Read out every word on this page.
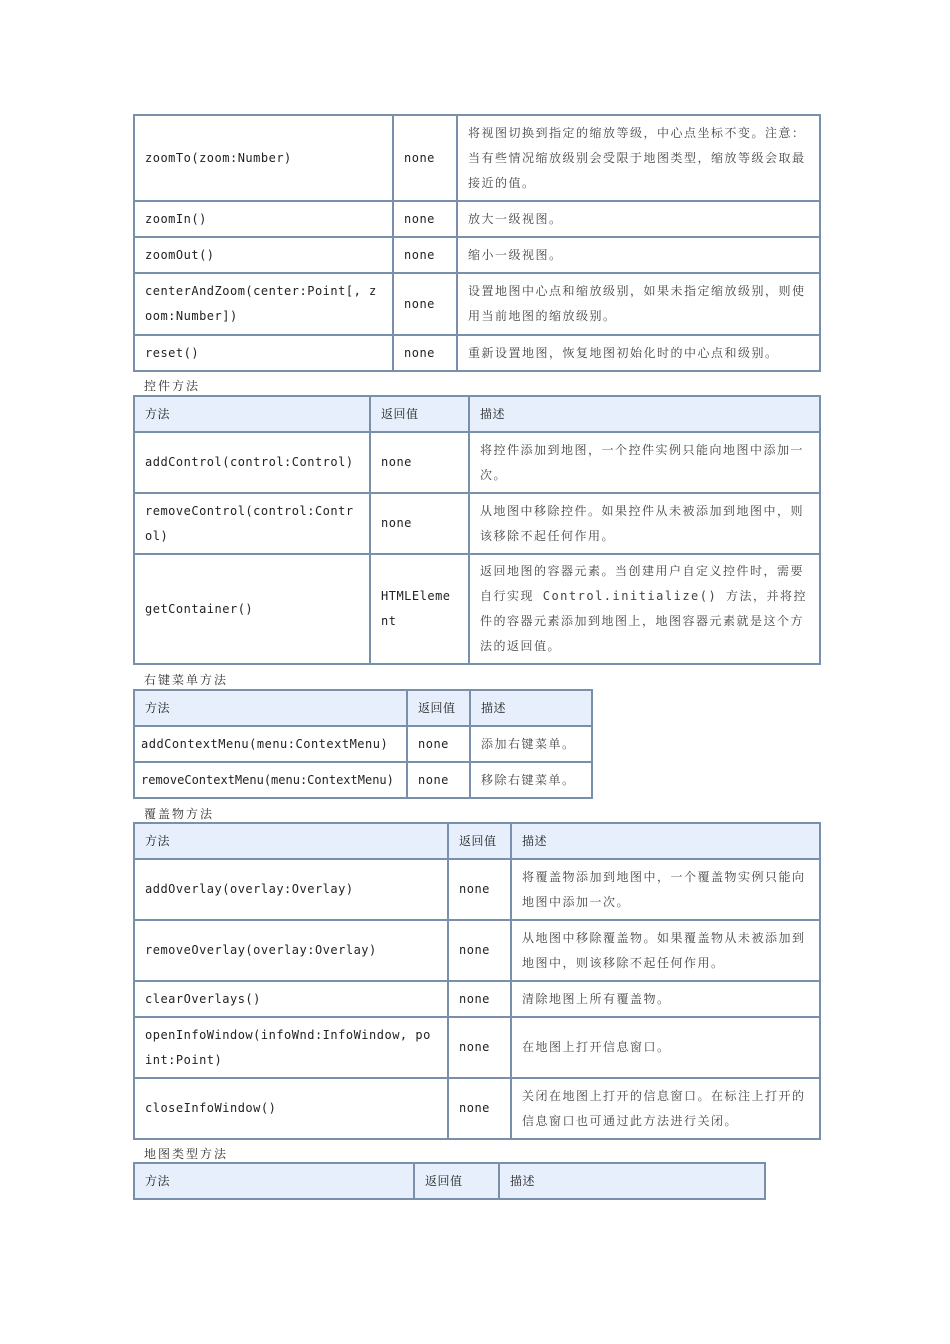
zoomTo(zoom:Number)	none	将视图切换到指定的缩放等级，中心点坐标不变。注意：当有些情况缩放级别会受限于地图类型，缩放等级会取最接近的值。
zoomIn()	none	放大一级视图。
zoomOut()	none	缩小一级视图。
centerAndZoom(center:Point[, zoom:Number])	none	设置地图中心点和缩放级别，如果未指定缩放级别，则使用当前地图的缩放级别。
reset()	none	重新设置地图，恢复地图初始化时的中心点和级别。
控件方法
方法	返回值	描述
addControl(control:Control)	none	将控件添加到地图，一个控件实例只能向地图中添加一次。
removeControl(control:Control)	none	从地图中移除控件。如果控件从未被添加到地图中，则该移除不起任何作用。
getContainer()	HTMLElement	返回地图的容器元素。当创建用户自定义控件时，需要自行实现 Control.initialize() 方法，并将控件的容器元素添加到地图上，地图容器元素就是这个方法的返回值。
右键菜单方法
方法	返回值	描述
addContextMenu(menu:ContextMenu)	none	添加右键菜单。
removeContextMenu(menu:ContextMenu)	none	移除右键菜单。
覆盖物方法
方法	返回值	描述
addOverlay(overlay:Overlay)	none	将覆盖物添加到地图中，一个覆盖物实例只能向地图中添加一次。
removeOverlay(overlay:Overlay)	none	从地图中移除覆盖物。如果覆盖物从未被添加到地图中，则该移除不起任何作用。
clearOverlays()	none	清除地图上所有覆盖物。
openInfoWindow(infoWnd:InfoWindow, point:Point)	none	在地图上打开信息窗口。
closeInfoWindow()	none	关闭在地图上打开的信息窗口。在标注上打开的信息窗口也可通过此方法进行关闭。
地图类型方法
方法	返回值	描述
